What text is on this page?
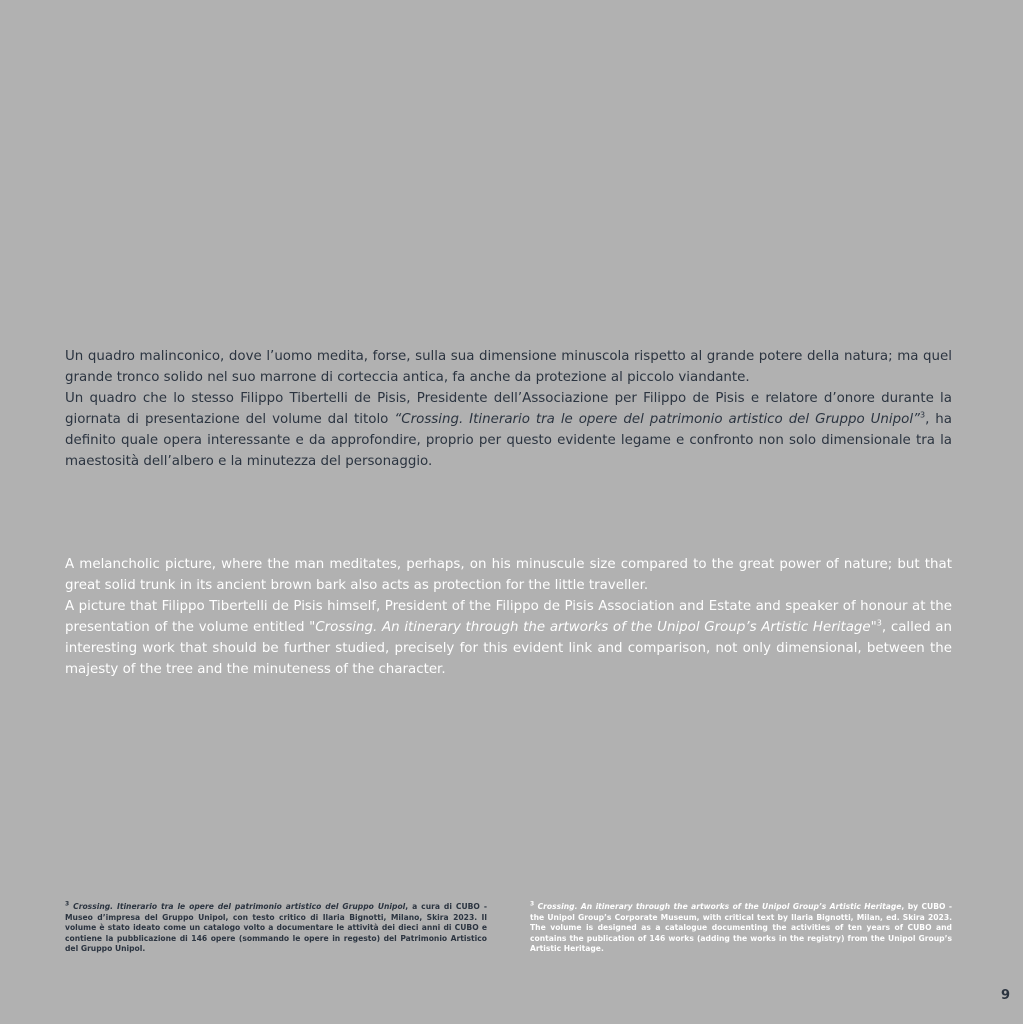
Un quadro malinconico, dove l’uomo medita, forse, sulla sua dimensione minuscola rispetto al grande potere della natura; ma quel grande tronco solido nel suo marrone di corteccia antica, fa anche da protezione al piccolo viandante.

Un quadro che lo stesso Filippo Tibertelli de Pisis, Presidente dell’Associazione per Filippo de Pisis e relatore d’onore durante la giornata di presentazione del volume dal titolo “Crossing. Itinerario tra le opere del patrimonio artistico del Gruppo Unipol”$^3$, ha definito quale opera interessante e da approfondire, proprio per questo evidente legame e confronto non solo dimensionale tra la maestosità dell’albero e la minutezza del personaggio.

A melancholic picture, where the man meditates, perhaps, on his minuscule size compared to the great power of nature; but that great solid trunk in its ancient brown bark also acts as protection for the little traveller.

A picture that Filippo Tibertelli de Pisis himself, President of the Filippo de Pisis Association and Estate and speaker of honour at the presentation of the volume entitled "Crossing. An itinerary through the artworks of the Unipol Group’s Artistic Heritage"$^3$, called an interesting work that should be further studied, precisely for this evident link and comparison, not only dimensional, between the majesty of the tree and the minuteness of the character.

$^3$ Crossing. Itinerario tra le opere del patrimonio artistico del Gruppo Unipol, a cura di CUBO - Museo d’impresa del Gruppo Unipol, con testo critico di Ilaria Bignotti, Milano, Skira 2023. Il volume è stato ideato come un catalogo volto a documentare le attività dei dieci anni di CUBO e contiene la pubblicazione di 146 opere (sommando le opere in regesto) del Patrimonio Artistico del Gruppo Unipol.

$^3$ Crossing. An itinerary through the artworks of the Unipol Group’s Artistic Heritage, by CUBO - the Unipol Group’s Corporate Museum, with critical text by Ilaria Bignotti, Milan, ed. Skira 2023. The volume is designed as a catalogue documenting the activities of ten years of CUBO and contains the publication of 146 works (adding the works in the registry) from the Unipol Group’s Artistic Heritage.

9
